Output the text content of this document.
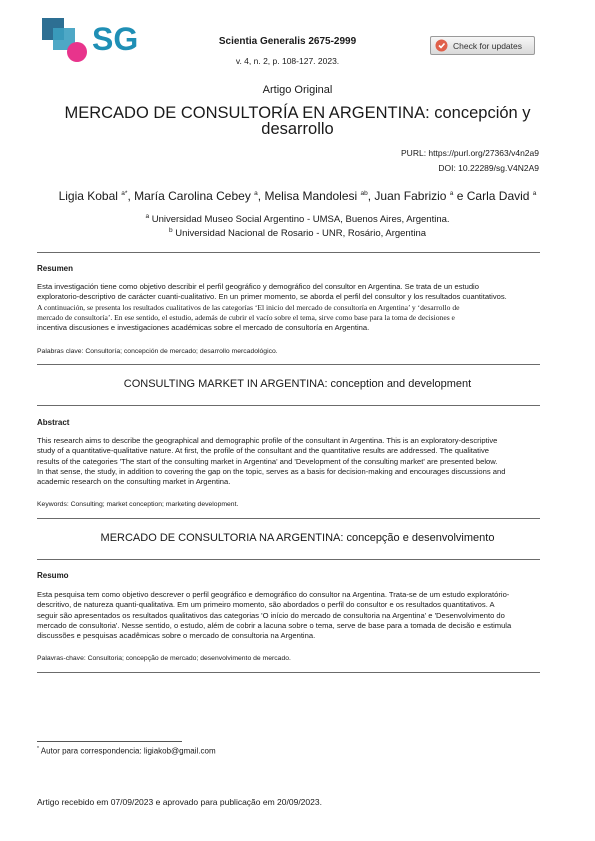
SG	Scientia Generalis 2675-2999
v. 4, n. 2, p. 108-127. 2023.
Check for updates
Artigo Original
MERCADO DE CONSULTORÍA EN ARGENTINA: concepción y desarrollo
PURL: https://purl.org/27363/v4n2a9
DOI: 10.22289/sg.V4N2A9
Ligia Kobal $^{a*}$, María Carolina Cebey $^a$, Melisa Mandolesi $^{ab}$, Juan Fabrizio $^a$ e Carla David $^a$
$^a$ Universidad Museo Social Argentino - UMSA, Buenos Aires, Argentina.
$^b$ Universidad Nacional de Rosario - UNR, Rosário, Argentina
Resumen
Esta investigación tiene como objetivo describir el perfil geográfico y demográfico del consultor en Argentina. Se trata de un estudio
exploratorio-descriptivo de carácter cuanti-cualitativo. En un primer momento, se aborda el perfil del consultor y los resultados cuantitativos.
A continuación, se presenta los resultados cualitativos de las categorías ‘El inicio del mercado de consultoría en Argentina’ y ‘desarrollo de
mercado de consultoría’. En ese sentido, el estudio, además de cubrir el vacío sobre el tema, sirve como base para la toma de decisiones e
incentiva discusiones e investigaciones académicas sobre el mercado de consultoría en Argentina.
Palabras clave: Consultoría; concepción de mercado; desarrollo mercadológico.
CONSULTING MARKET IN ARGENTINA: conception and development
Abstract
This research aims to describe the geographical and demographic profile of the consultant in Argentina. This is an exploratory-descriptive
study of a quantitative-qualitative nature. At first, the profile of the consultant and the quantitative results are addressed. The qualitative
results of the categories 'The start of the consulting market in Argentina' and 'Development of the consulting market' are presented below.
In that sense, the study, in addition to covering the gap on the topic, serves as a basis for decision-making and encourages discussions and
academic research on the consulting market in Argentina.
Keywords: Consulting; market conception; marketing development.
MERCADO DE CONSULTORIA NA ARGENTINA: concepção e desenvolvimento
Resumo
Esta pesquisa tem como objetivo descrever o perfil geográfico e demográfico do consultor na Argentina. Trata-se de um estudo exploratório-
descritivo, de natureza quanti-qualitativa. Em um primeiro momento, são abordados o perfil do consultor e os resultados quantitativos. A
seguir são apresentados os resultados qualitativos das categorias 'O início do mercado de consultoria na Argentina' e 'Desenvolvimento do
mercado de consultoria'. Nesse sentido, o estudo, além de cobrir a lacuna sobre o tema, serve de base para a tomada de decisão e estimula
discussões e pesquisas acadêmicas sobre o mercado de consultoria na Argentina.
Palavras-chave: Consultoria; concepção de mercado; desenvolvimento de mercado.
* Autor para correspondencia: ligiakob@gmail.com
Artigo recebido em 07/09/2023 e aprovado para publicação em 20/09/2023.
